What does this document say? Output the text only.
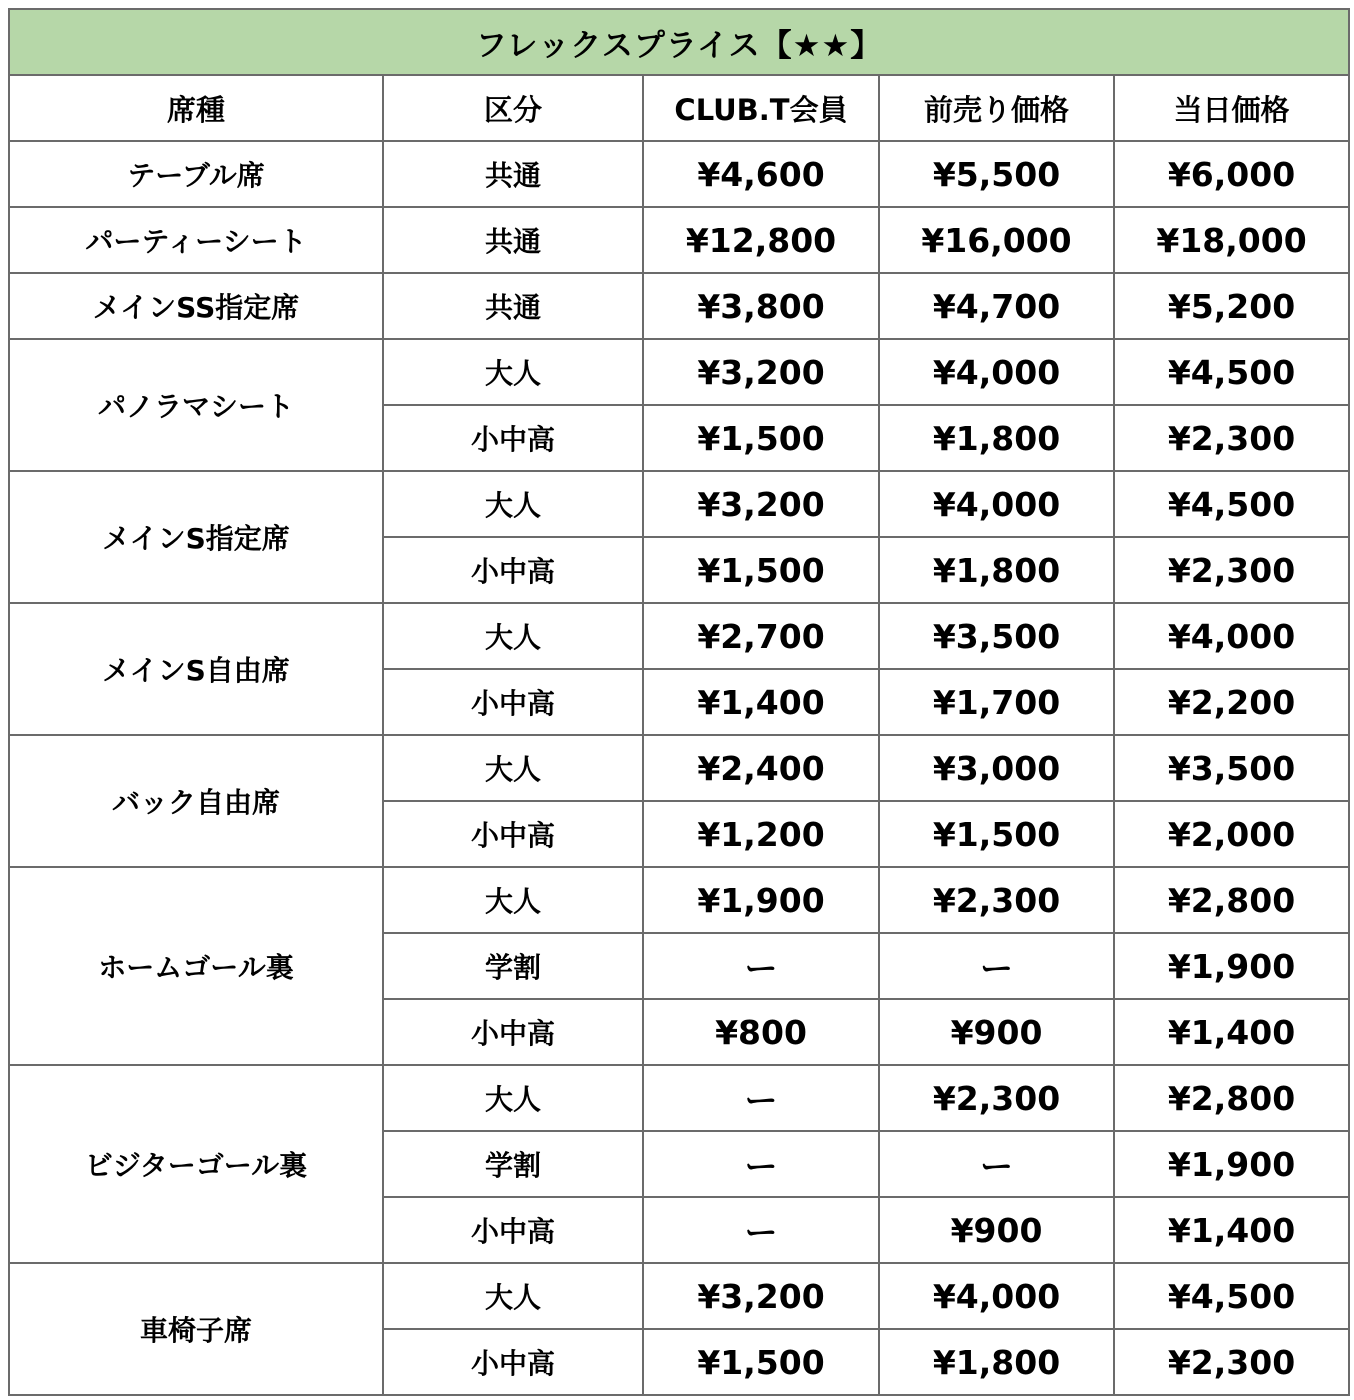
フレックスプライス【★★】				
席種	区分	CLUB.T会員	前売り価格	当日価格
テーブル席	共通	¥4,600	¥5,500	¥6,000
パーティーシート	共通	¥12,800	¥16,000	¥18,000
メインSS指定席	共通	¥3,800	¥4,700	¥5,200
パノラマシート	大人	¥3,200	¥4,000	¥4,500
	小中高	¥1,500	¥1,800	¥2,300
メインS指定席	大人	¥3,200	¥4,000	¥4,500
	小中高	¥1,500	¥1,800	¥2,300
メインS自由席	大人	¥2,700	¥3,500	¥4,000
	小中高	¥1,400	¥1,700	¥2,200
バック自由席	大人	¥2,400	¥3,000	¥3,500
	小中高	¥1,200	¥1,500	¥2,000
ホームゴール裏	大人	¥1,900	¥2,300	¥2,800
	学割	ー	ー	¥1,900
	小中高	¥800	¥900	¥1,400
ビジターゴール裏	大人	ー	¥2,300	¥2,800
	学割	ー	ー	¥1,900
	小中高	ー	¥900	¥1,400
車椅子席	大人	¥3,200	¥4,000	¥4,500
	小中高	¥1,500	¥1,800	¥2,300
